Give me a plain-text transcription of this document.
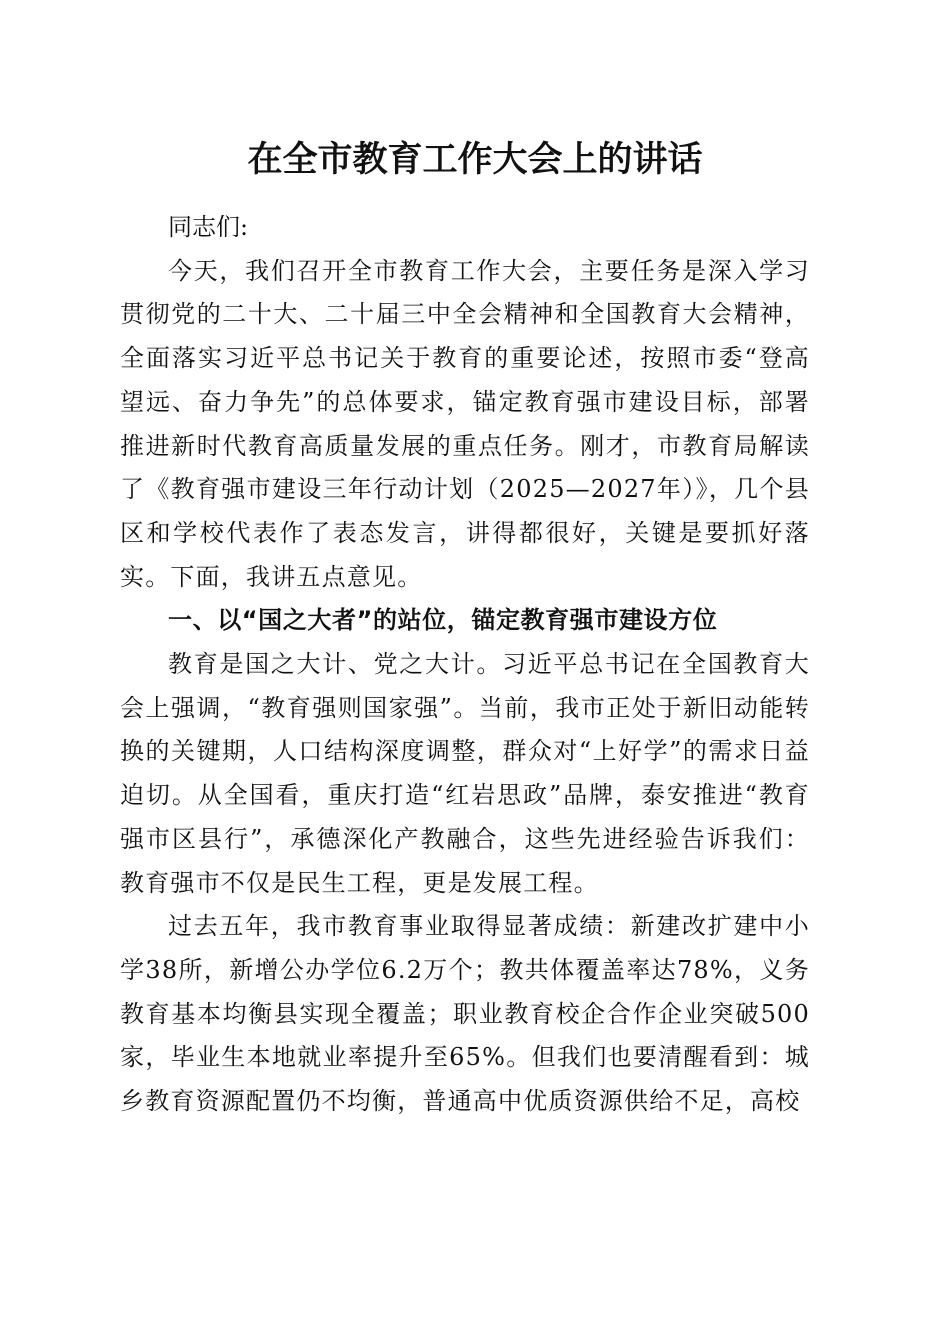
在全市教育工作大会上的讲话

同志们:

今天，我们召开全市教育工作大会，主要任务是深入学习贯彻党的二十大、二十届三中全会精神和全国教育大会精神，全面落实习近平总书记关于教育的重要论述，按照市委“登高望远、奋力争先”的总体要求，锚定教育强市建设目标，部署推进新时代教育高质量发展的重点任务。刚才，市教育局解读了《教育强市建设三年行动计划（2025—2027年）》，几个县区和学校代表作了表态发言，讲得都很好，关键是要抓好落实。下面，我讲五点意见。

一、以“国之大者”的站位，锚定教育强市建设方位

教育是国之大计、党之大计。习近平总书记在全国教育大会上强调，“教育强则国家强”。当前，我市正处于新旧动能转换的关键期，人口结构深度调整，群众对“上好学”的需求日益迫切。从全国看，重庆打造“红岩思政”品牌，泰安推进“教育强市区县行”，承德深化产教融合，这些先进经验告诉我们：教育强市不仅是民生工程，更是发展工程。

过去五年，我市教育事业取得显著成绩：新建改扩建中小学38所，新增公办学位6.2万个；教共体覆盖率达78%，义务教育基本均衡县实现全覆盖；职业教育校企合作企业突破500家，毕业生本地就业率提升至65%。但我们也要清醒看到：城乡教育资源配置仍不均衡，普通高中优质资源供给不足，高校
